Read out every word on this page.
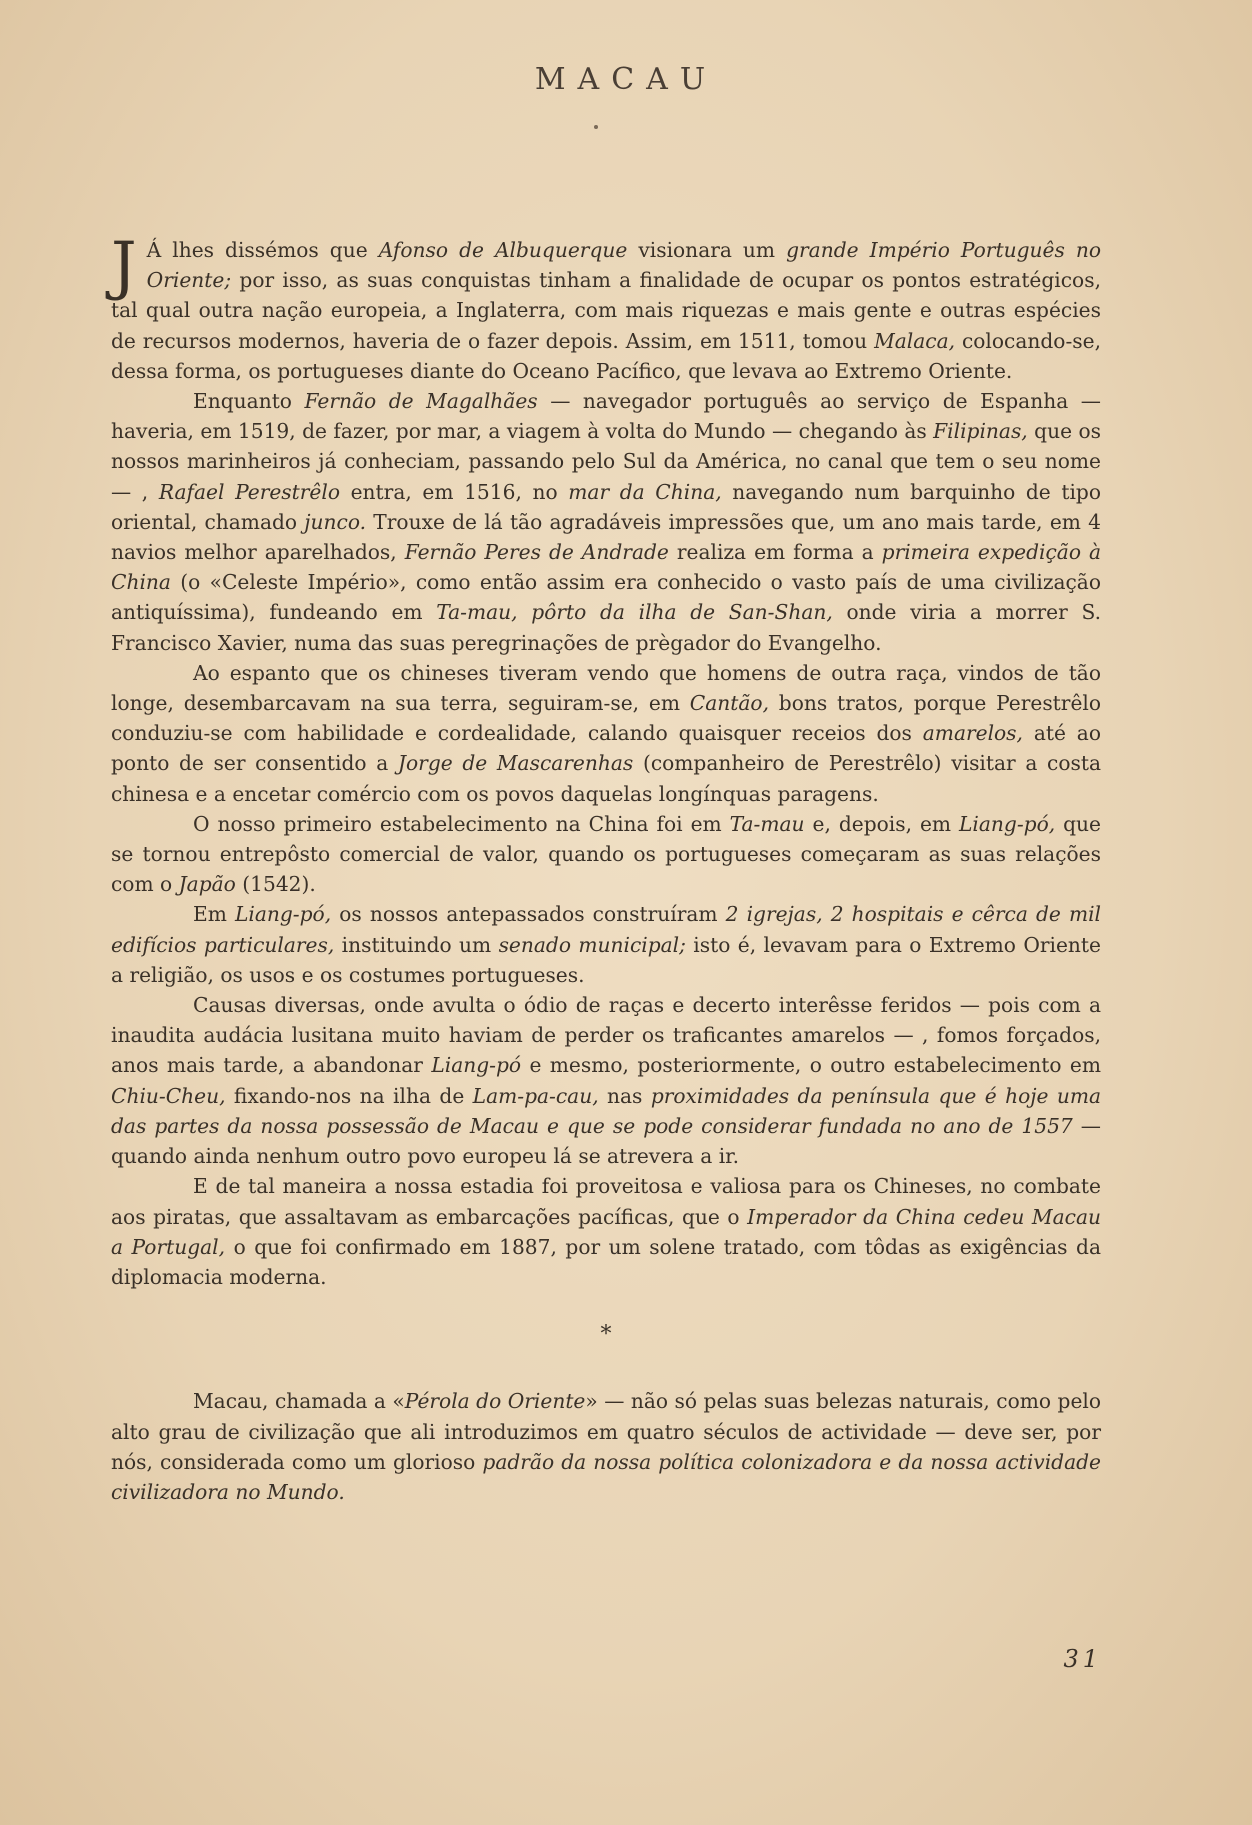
MACAU

J Á lhes dissémos que Afonso de Albuquerque visionara um grande Império Português no Oriente; por isso, as suas conquistas tinham a finalidade de ocupar os pontos estratégicos, tal qual outra nação europeia, a Inglaterra, com mais riquezas e mais gente e outras espécies de recursos modernos, haveria de o fazer depois. Assim, em 1511, tomou Malaca, colocando-se, dessa forma, os portugueses diante do Oceano Pacífico, que levava ao Extremo Oriente.

Enquanto Fernão de Magalhães — navegador português ao serviço de Espanha — haveria, em 1519, de fazer, por mar, a viagem à volta do Mundo — chegando às Filipinas, que os nossos marinheiros já conheciam, passando pelo Sul da América, no canal que tem o seu nome — , Rafael Perestrêlo entra, em 1516, no mar da China, navegando num barquinho de tipo oriental, chamado junco. Trouxe de lá tão agradáveis impressões que, um ano mais tarde, em 4 navios melhor aparelhados, Fernão Peres de Andrade realiza em forma a primeira expedição à China (o «Celeste Império», como então assim era conhecido o vasto país de uma civilização antiquíssima), fundeando em Ta-mau, pôrto da ilha de San-Shan, onde viria a morrer S. Francisco Xavier, numa das suas peregrinações de prègador do Evangelho.

Ao espanto que os chineses tiveram vendo que homens de outra raça, vindos de tão longe, desembarcavam na sua terra, seguiram-se, em Cantão, bons tratos, porque Perestrêlo conduziu-se com habilidade e cordealidade, calando quaisquer receios dos amarelos, até ao ponto de ser consentido a Jorge de Mascarenhas (companheiro de Perestrêlo) visitar a costa chinesa e a encetar comércio com os povos daquelas longínquas paragens.

O nosso primeiro estabelecimento na China foi em Ta-mau e, depois, em Liang-pó, que se tornou entrepôsto comercial de valor, quando os portugueses começaram as suas relações com o Japão (1542).

Em Liang-pó, os nossos antepassados construíram 2 igrejas, 2 hospitais e cêrca de mil edifícios particulares, instituindo um senado municipal; isto é, levavam para o Extremo Oriente a religião, os usos e os costumes portugueses.

Causas diversas, onde avulta o ódio de raças e decerto interêsse feridos — pois com a inaudita audácia lusitana muito haviam de perder os traficantes amarelos — , fomos forçados, anos mais tarde, a abandonar Liang-pó e mesmo, posteriormente, o outro estabelecimento em Chiu-Cheu, fixando-nos na ilha de Lam-pa-cau, nas proximidades da península que é hoje uma das partes da nossa possessão de Macau e que se pode considerar fundada no ano de 1557 — quando ainda nenhum outro povo europeu lá se atrevera a ir.

E de tal maneira a nossa estadia foi proveitosa e valiosa para os Chineses, no combate aos piratas, que assaltavam as embarcações pacíficas, que o Imperador da China cedeu Macau a Portugal, o que foi confirmado em 1887, por um solene tratado, com tôdas as exigências da diplomacia moderna.

*

Macau, chamada a «Pérola do Oriente» — não só pelas suas belezas naturais, como pelo alto grau de civilização que ali introduzimos em quatro séculos de actividade — deve ser, por nós, considerada como um glorioso padrão da nossa política colonizadora e da nossa actividade civilizadora no Mundo.

31
